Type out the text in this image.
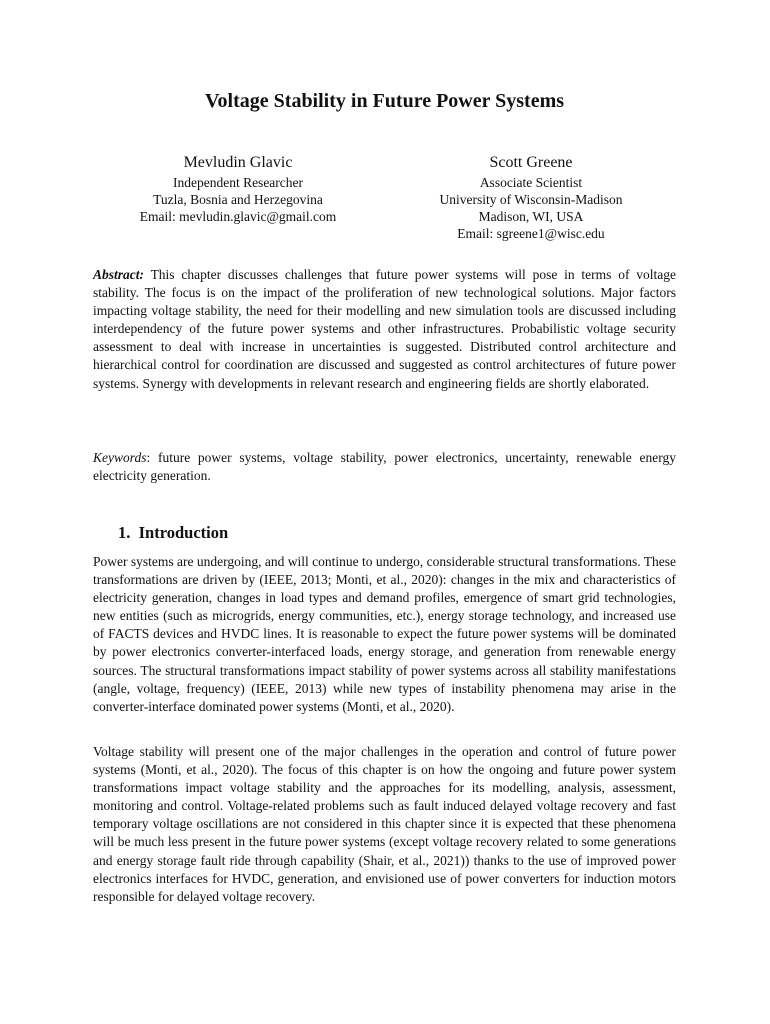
Voltage Stability in Future Power Systems
Mevludin Glavic
Independent Researcher
Tuzla, Bosnia and Herzegovina
Email: mevludin.glavic@gmail.com
Scott Greene
Associate Scientist
University of Wisconsin-Madison
Madison, WI, USA
Email: sgreene1@wisc.edu

Abstract: This chapter discusses challenges that future power systems will pose in terms of voltage stability. The focus is on the impact of the proliferation of new technological solutions. Major factors impacting voltage stability, the need for their modelling and new simulation tools are discussed including interdependency of the future power systems and other infrastructures. Probabilistic voltage security assessment to deal with increase in uncertainties is suggested. Distributed control architecture and hierarchical control for coordination are discussed and suggested as control architectures of future power systems. Synergy with developments in relevant research and engineering fields are shortly elaborated.

Keywords: future power systems, voltage stability, power electronics, uncertainty, renewable energy electricity generation.

1. Introduction

Power systems are undergoing, and will continue to undergo, considerable structural transformations. These transformations are driven by (IEEE, 2013; Monti, et al., 2020): changes in the mix and characteristics of electricity generation, changes in load types and demand profiles, emergence of smart grid technologies, new entities (such as microgrids, energy communities, etc.), energy storage technology, and increased use of FACTS devices and HVDC lines. It is reasonable to expect the future power systems will be dominated by power electronics converter-interfaced loads, energy storage, and generation from renewable energy sources. The structural transformations impact stability of power systems across all stability manifestations (angle, voltage, frequency) (IEEE, 2013) while new types of instability phenomena may arise in the converter-interface dominated power systems (Monti, et al., 2020).

Voltage stability will present one of the major challenges in the operation and control of future power systems (Monti, et al., 2020). The focus of this chapter is on how the ongoing and future power system transformations impact voltage stability and the approaches for its modelling, analysis, assessment, monitoring and control. Voltage-related problems such as fault induced delayed voltage recovery and fast temporary voltage oscillations are not considered in this chapter since it is expected that these phenomena will be much less present in the future power systems (except voltage recovery related to some generations and energy storage fault ride through capability (Shair, et al., 2021)) thanks to the use of improved power electronics interfaces for HVDC, generation, and envisioned use of power converters for induction motors responsible for delayed voltage recovery.
